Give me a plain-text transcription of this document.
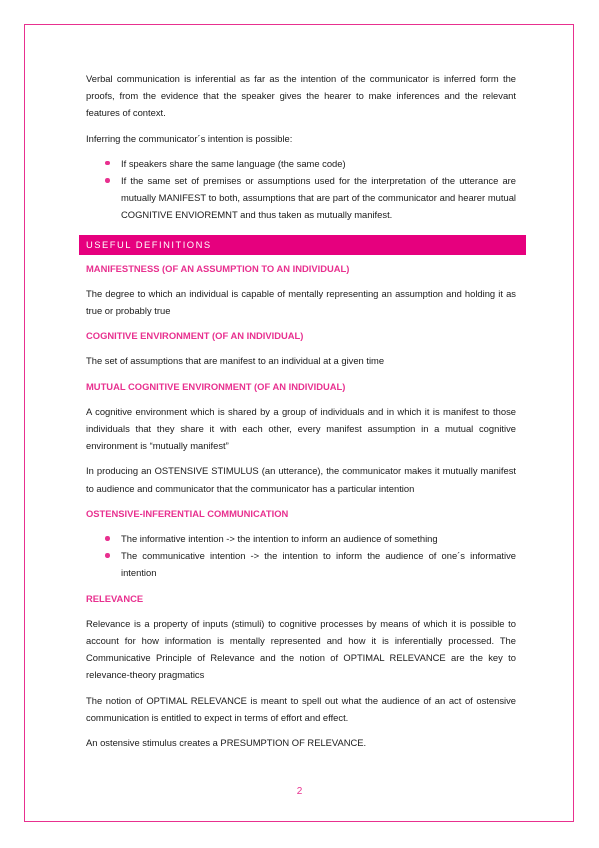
Verbal communication is inferential as far as the intention of the communicator is inferred form the proofs, from the evidence that the speaker gives the hearer to make inferences and the relevant features of context.

Inferring the communicator´s intention is possible:

If speakers share the same language (the same code)
If the same set of premises or assumptions used for the interpretation of the utterance are mutually MANIFEST to both, assumptions that are part of the communicator and hearer mutual COGNITIVE ENVIOREMNT and thus taken as mutually manifest.
USEFUL DEFINITIONS
MANIFESTNESS (OF AN ASSUMPTION TO AN INDIVIDUAL)

The degree to which an individual is capable of mentally representing an assumption and holding it as true or probably true

COGNITIVE ENVIRONMENT (OF AN INDIVIDUAL)

The set of assumptions that are manifest to an individual at a given time

MUTUAL COGNITIVE ENVIRONMENT (OF AN INDIVIDUAL)

A cognitive environment which is shared by a group of individuals and in which it is manifest to those individuals that they share it with each other, every manifest assumption in a mutual cognitive environment is “mutually manifest”

In producing an OSTENSIVE STIMULUS (an utterance), the communicator makes it mutually manifest to audience and communicator that the communicator has a particular intention

OSTENSIVE-INFERENTIAL COMMUNICATION
The informative intention -> the intention to inform an audience of something
The communicative intention -> the intention to inform the audience of one´s informative intention
RELEVANCE

Relevance is a property of inputs (stimuli) to cognitive processes by means of which it is possible to account for how information is mentally represented and how it is inferentially processed. The Communicative Principle of Relevance and the notion of OPTIMAL RELEVANCE are the key to relevance-theory pragmatics

The notion of OPTIMAL RELEVANCE is meant to spell out what the audience of an act of ostensive communication is entitled to expect in terms of effort and effect.

An ostensive stimulus creates a PRESUMPTION OF RELEVANCE.

2
